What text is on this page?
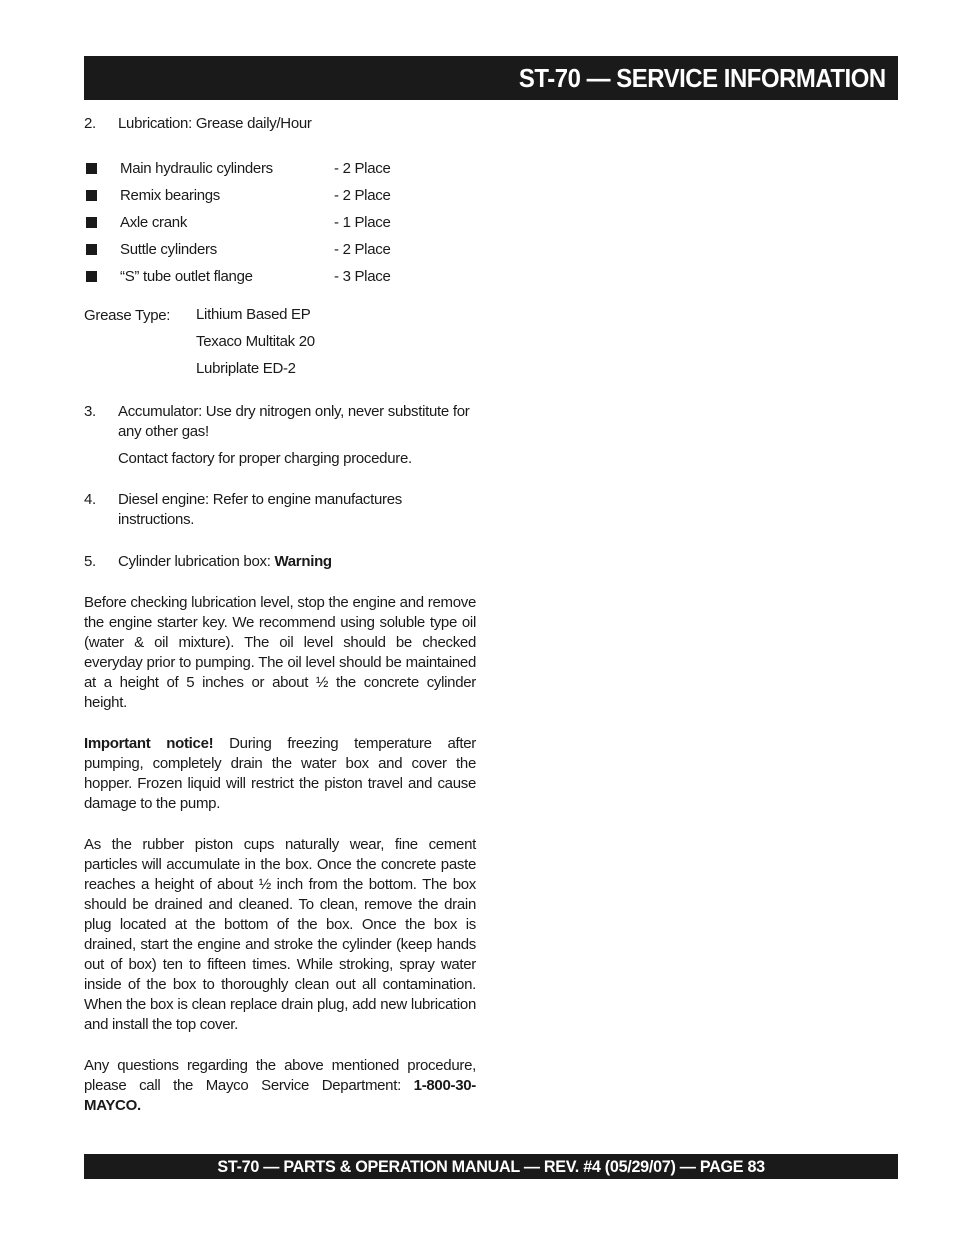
ST-70 — SERVICE INFORMATION
2.	Lubrication: Grease daily/Hour
Main hydraulic cylinders	- 2 Place
Remix bearings	- 2 Place
Axle crank	- 1 Place
Suttle cylinders	- 2 Place
“S” tube outlet flange	- 3 Place
Grease Type:	Lithium Based EP
Texaco Multitak 20
Lubriplate ED-2
3.	Accumulator: Use dry nitrogen only, never substitute for any other gas!
Contact factory for proper charging procedure.
4.	Diesel engine: Refer to engine manufactures instructions.
5.	Cylinder lubrication box: Warning

Before checking lubrication level, stop the engine and remove the engine starter key. We recommend using soluble type oil (water & oil mixture). The oil level should be checked everyday prior to pumping. The oil level should be maintained at a height of 5 inches or about ½ the concrete cylinder height.

Important notice! During freezing temperature after pumping, completely drain the water box and cover the hopper. Frozen liquid will restrict the piston travel and cause damage to the pump.

As the rubber piston cups naturally wear, fine cement particles will accumulate in the box. Once the concrete paste reaches a height of about ½ inch from the bottom. The box should be drained and cleaned. To clean, remove the drain plug located at the bottom of the box. Once the box is drained, start the engine and stroke the cylinder (keep hands out of box) ten to fifteen times. While stroking, spray water inside of the box to thoroughly clean out all contamination. When the box is clean replace drain plug, add new lubrication and install the top cover.

Any questions regarding the above mentioned procedure, please call the Mayco Service Department: 1-800-30-MAYCO.

ST-70 — PARTS & OPERATION MANUAL — REV. #4 (05/29/07) — PAGE 83
